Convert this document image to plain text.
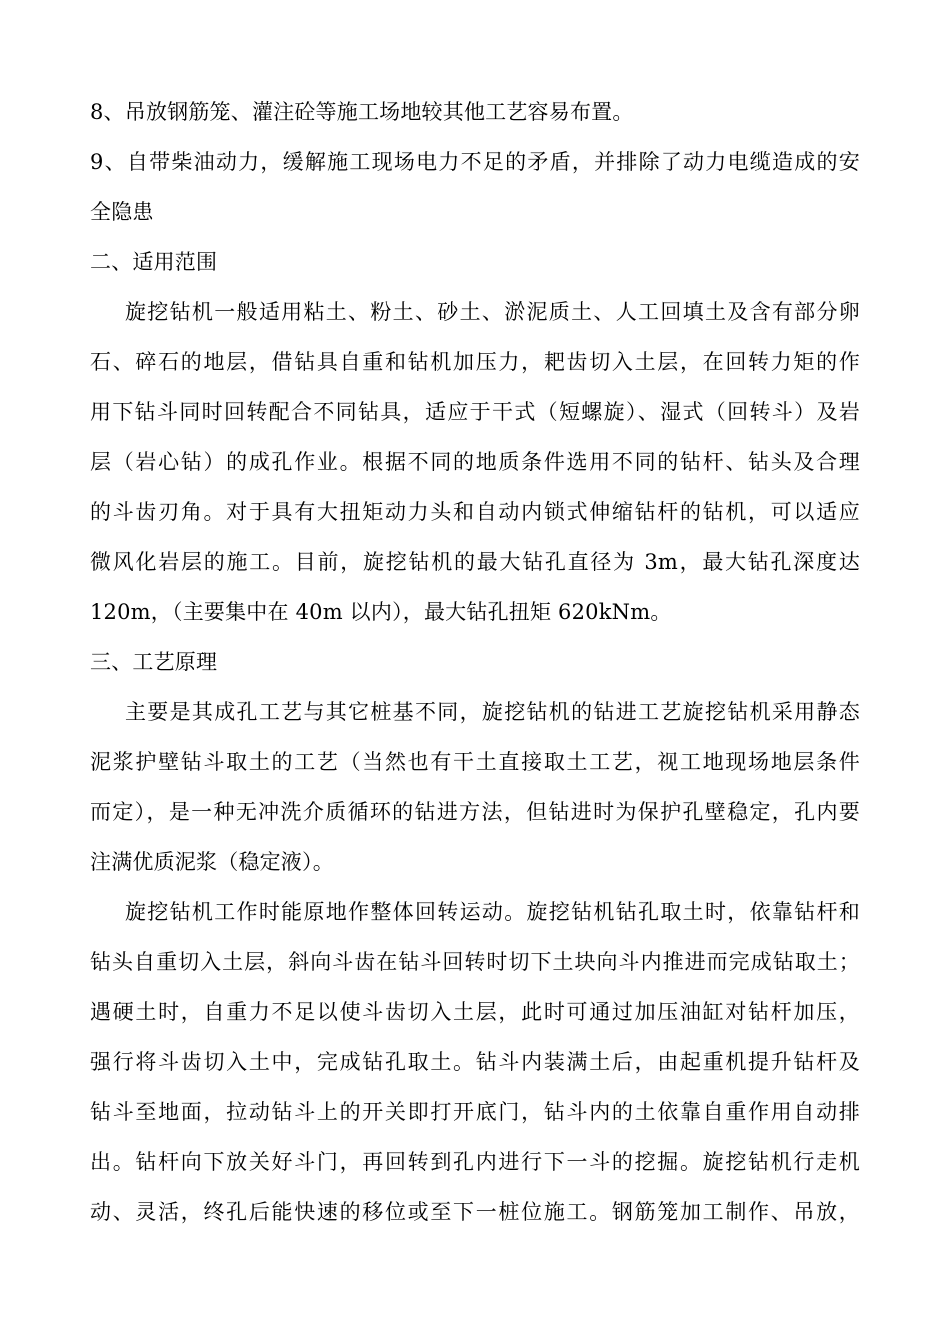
8、吊放钢筋笼、灌注砼等施工场地较其他工艺容易布置。
9、自带柴油动力，缓解施工现场电力不足的矛盾，并排除了动力电缆造成的安
全隐患
二、适用范围
旋挖钻机一般适用粘土、粉土、砂土、淤泥质土、人工回填土及含有部分卵
石、碎石的地层，借钻具自重和钻机加压力，耙齿切入土层，在回转力矩的作
用下钻斗同时回转配合不同钻具，适应于干式（短螺旋）、湿式（回转斗）及岩
层（岩心钻）的成孔作业。根据不同的地质条件选用不同的钻杆、钻头及合理
的斗齿刃角。对于具有大扭矩动力头和自动内锁式伸缩钻杆的钻机，可以适应
微风化岩层的施工。目前，旋挖钻机的最大钻孔直径为 3m，最大钻孔深度达
120m，（主要集中在 40m 以内），最大钻孔扭矩 620kNm。
三、工艺原理
主要是其成孔工艺与其它桩基不同，旋挖钻机的钻进工艺旋挖钻机采用静态
泥浆护壁钻斗取土的工艺（当然也有干土直接取土工艺，视工地现场地层条件
而定），是一种无冲洗介质循环的钻进方法，但钻进时为保护孔壁稳定，孔内要
注满优质泥浆（稳定液）。
旋挖钻机工作时能原地作整体回转运动。旋挖钻机钻孔取土时，依靠钻杆和
钻头自重切入土层，斜向斗齿在钻斗回转时切下土块向斗内推进而完成钻取土；
遇硬土时，自重力不足以使斗齿切入土层，此时可通过加压油缸对钻杆加压，
强行将斗齿切入土中，完成钻孔取土。钻斗内装满土后，由起重机提升钻杆及
钻斗至地面，拉动钻斗上的开关即打开底门，钻斗内的土依靠自重作用自动排
出。钻杆向下放关好斗门，再回转到孔内进行下一斗的挖掘。旋挖钻机行走机
动、灵活，终孔后能快速的移位或至下一桩位施工。钢筋笼加工制作、吊放，
